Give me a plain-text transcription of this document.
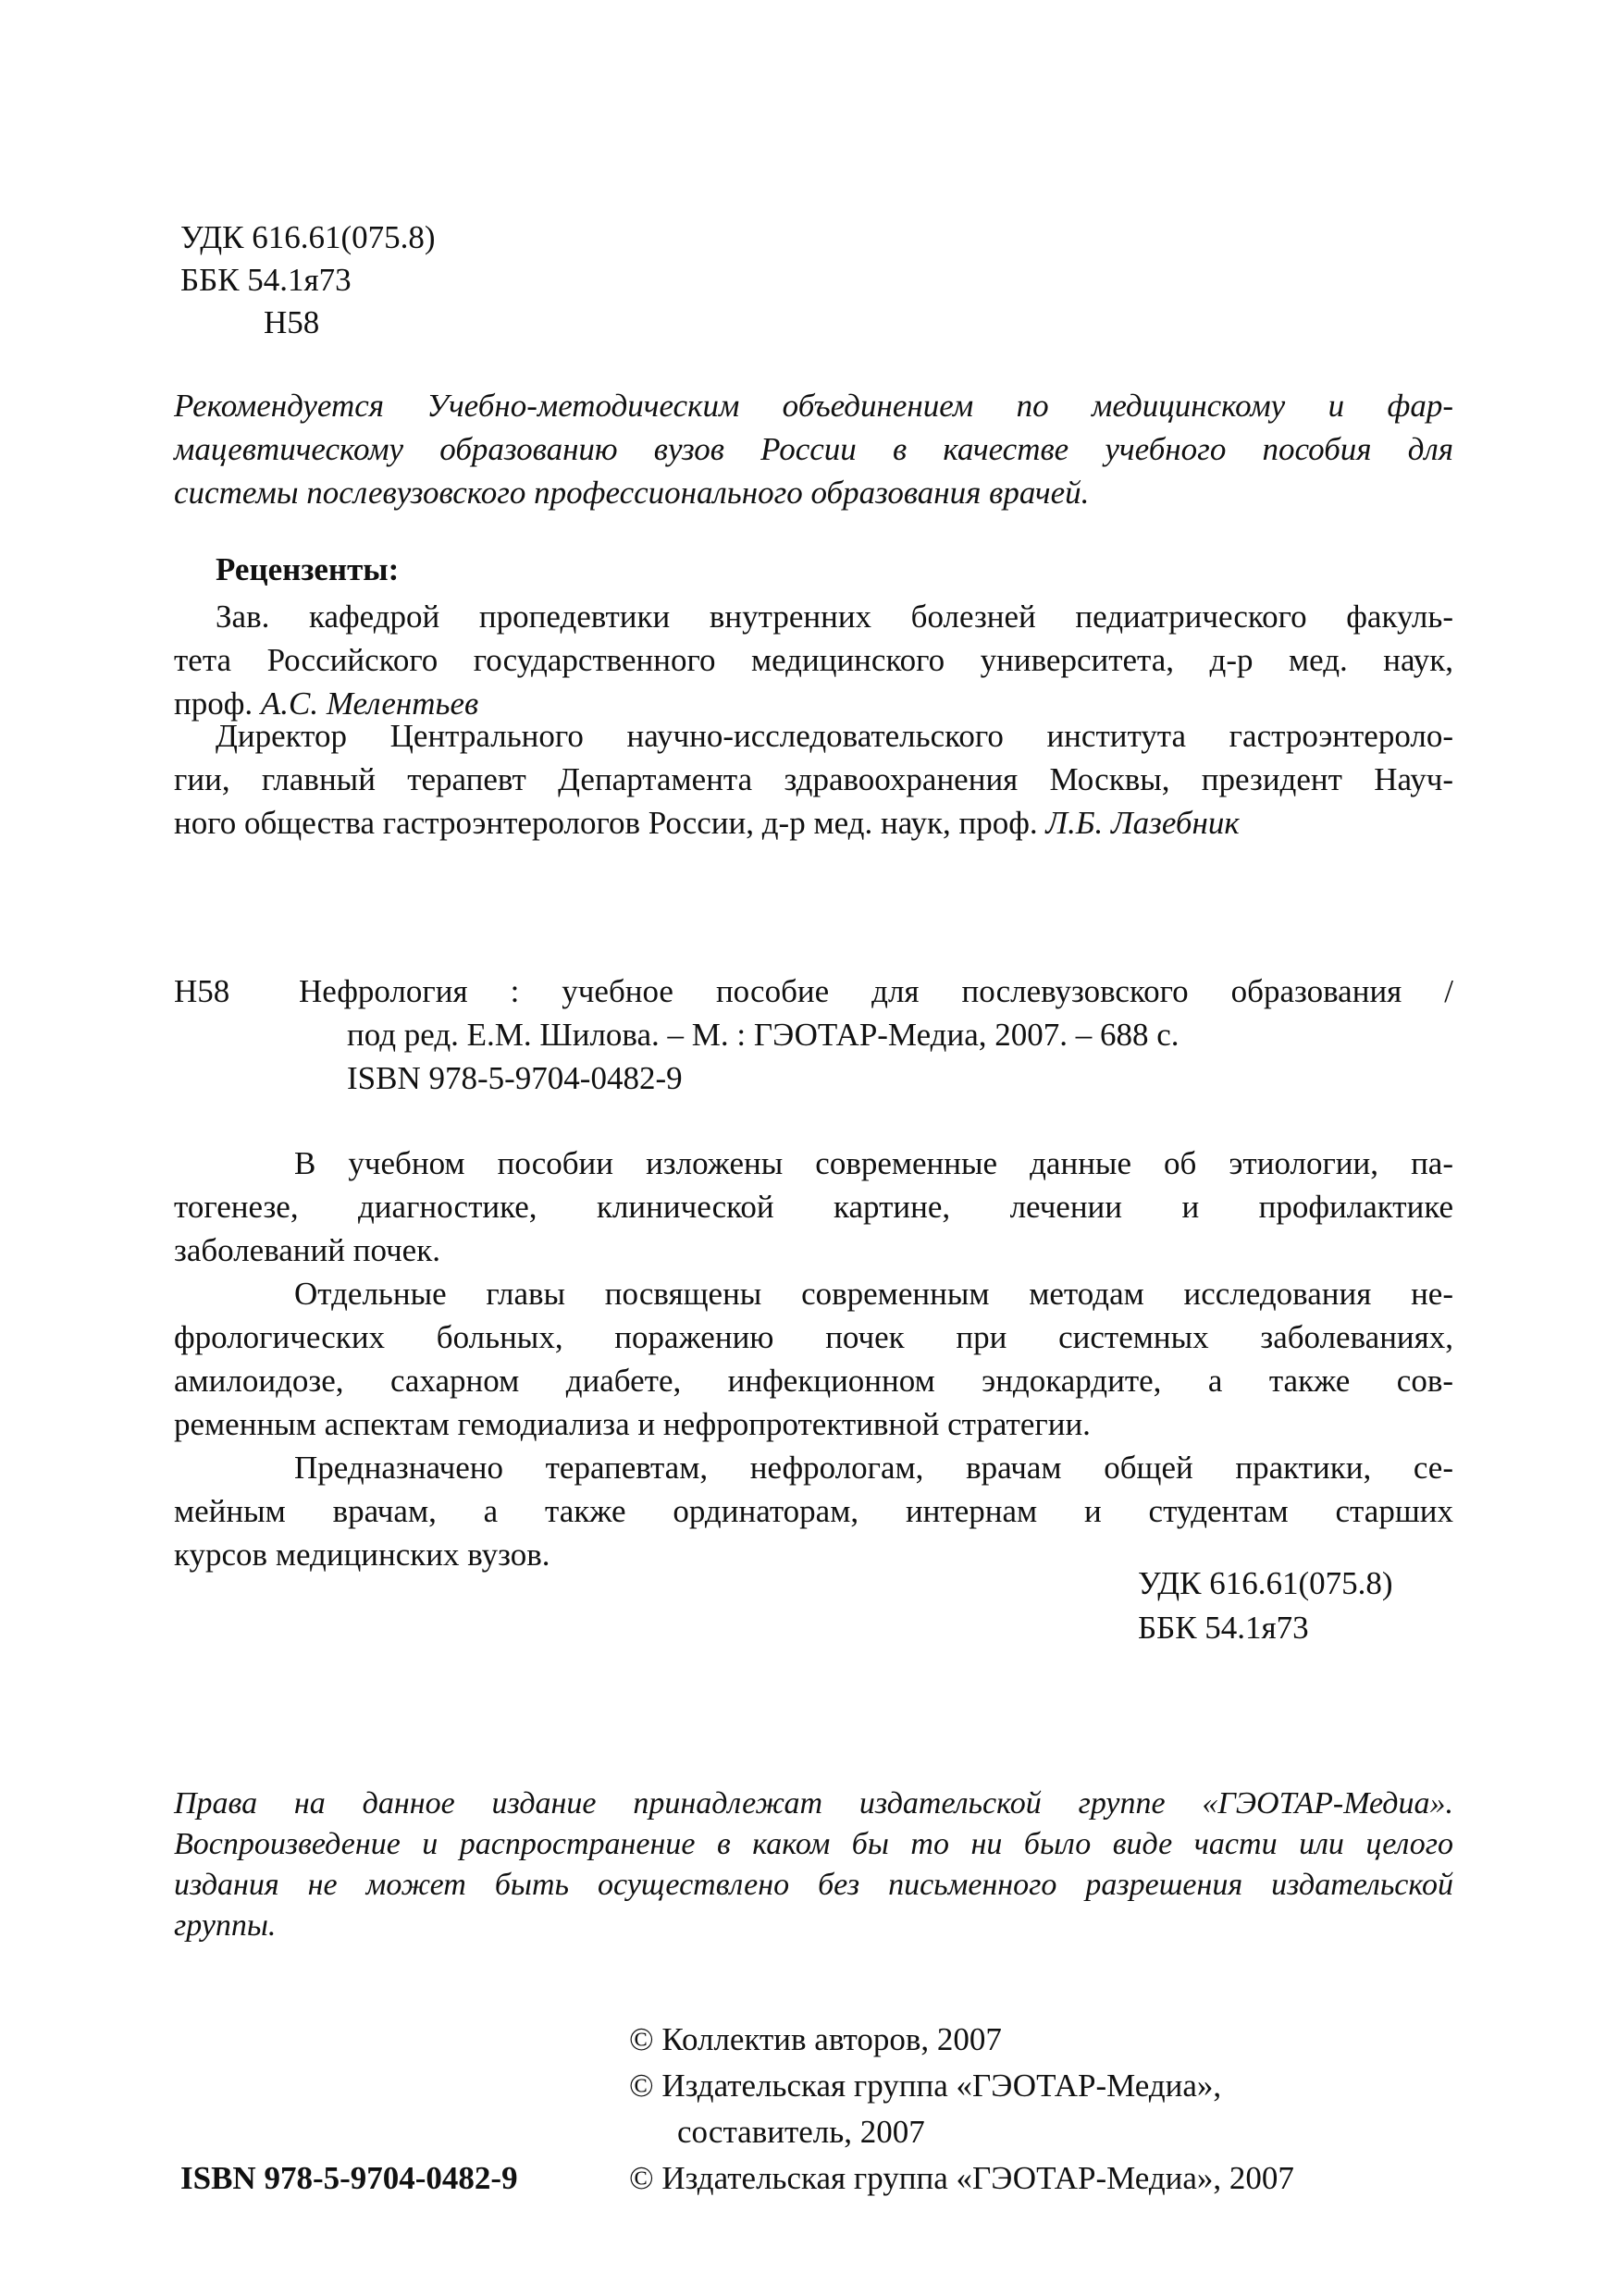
УДК 616.61(075.8)
ББК 54.1я73
Н58
Рекомендуется Учебно-методическим объединением по медицинскому и фар-
мацевтическому образованию вузов России в качестве учебного пособия для
системы послевузовского профессионального образования врачей.
Рецензенты:
Зав. кафедрой пропедевтики внутренних болезней педиатрического факуль-
тета Российского государственного медицинского университета, д-р мед. наук,
проф. А.С. Мелентьев
Директор Центрального научно-исследовательского института гастроэнтероло-
гии, главный терапевт Департамента здравоохранения Москвы, президент Науч-
ного общества гастроэнтерологов России, д-р мед. наук, проф. Л.Б. Лазебник
Н58 Нефрология : учебное пособие для послевузовского образования /
под ред. Е.М. Шилова. – М. : ГЭОТАР-Медиа, 2007. – 688 с.
ISBN 978-5-9704-0482-9
В учебном пособии изложены современные данные об этиологии, па-
тогенезе, диагностике, клинической картине, лечении и профилактике
заболеваний почек.
Отдельные главы посвящены современным методам исследования не-
фрологических больных, поражению почек при системных заболеваниях,
амилоидозе, сахарном диабете, инфекционном эндокардите, а также сов-
ременным аспектам гемодиализа и нефропротективной стратегии.
Предназначено терапевтам, нефрологам, врачам общей практики, се-
мейным врачам, а также ординаторам, интернам и студентам старших
курсов медицинских вузов.
УДК 616.61(075.8)
ББК 54.1я73
Права на данное издание принадлежат издательской группе «ГЭОТАР-Медиа».
Воспроизведение и распространение в каком бы то ни было виде части или целого
издания не может быть осуществлено без письменного разрешения издательской
группы.
© Коллектив авторов, 2007
© Издательская группа «ГЭОТАР-Медиа»,
составитель, 2007
© Издательская группа «ГЭОТАР-Медиа», 2007
ISBN 978-5-9704-0482-9
